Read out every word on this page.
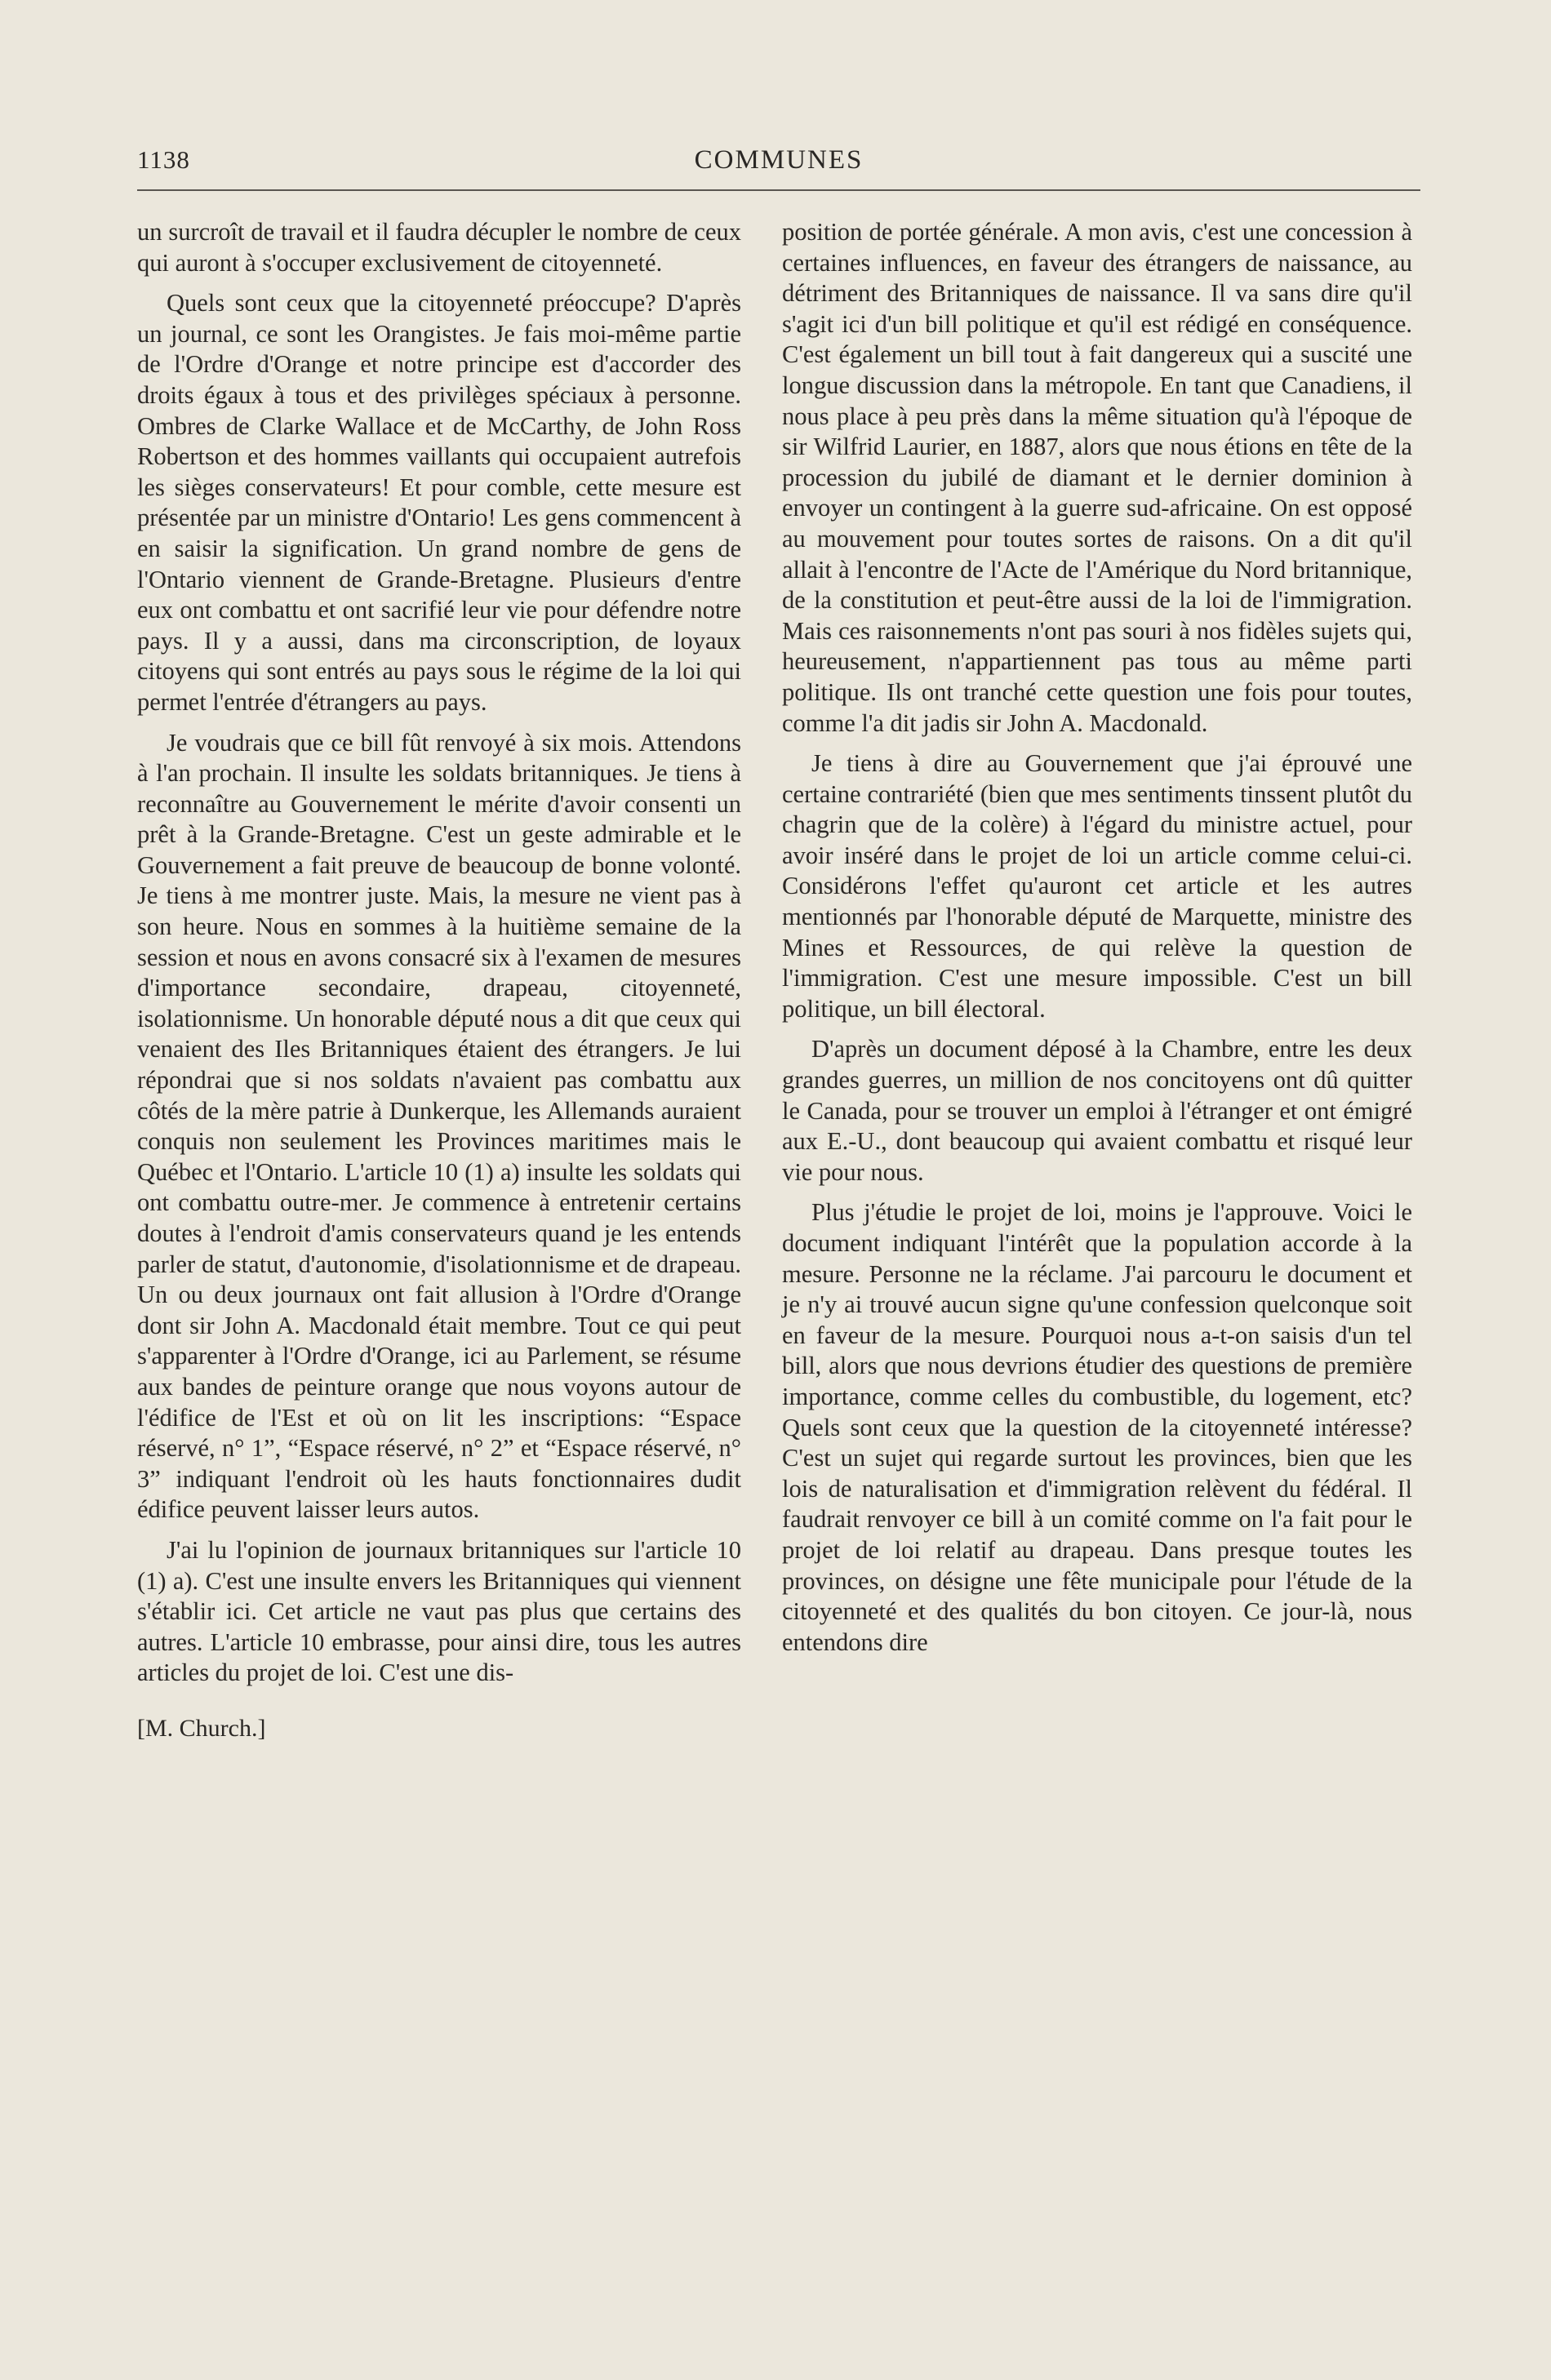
1138	COMMUNES

un surcroît de travail et il faudra décupler le nombre de ceux qui auront à s'occuper exclusivement de citoyenneté.

Quels sont ceux que la citoyenneté préoccupe? D'après un journal, ce sont les Orangistes. Je fais moi-même partie de l'Ordre d'Orange et notre principe est d'accorder des droits égaux à tous et des privilèges spéciaux à personne. Ombres de Clarke Wallace et de McCarthy, de John Ross Robertson et des hommes vaillants qui occupaient autrefois les sièges conservateurs! Et pour comble, cette mesure est présentée par un ministre d'Ontario! Les gens commencent à en saisir la signification. Un grand nombre de gens de l'Ontario viennent de Grande-Bretagne. Plusieurs d'entre eux ont combattu et ont sacrifié leur vie pour défendre notre pays. Il y a aussi, dans ma circonscription, de loyaux citoyens qui sont entrés au pays sous le régime de la loi qui permet l'entrée d'étrangers au pays.

Je voudrais que ce bill fût renvoyé à six mois. Attendons à l'an prochain. Il insulte les soldats britanniques. Je tiens à reconnaître au Gouvernement le mérite d'avoir consenti un prêt à la Grande-Bretagne. C'est un geste admirable et le Gouvernement a fait preuve de beaucoup de bonne volonté. Je tiens à me montrer juste. Mais, la mesure ne vient pas à son heure. Nous en sommes à la huitième semaine de la session et nous en avons consacré six à l'examen de mesures d'importance secondaire, drapeau, citoyenneté, isolationnisme. Un honorable député nous a dit que ceux qui venaient des Iles Britanniques étaient des étrangers. Je lui répondrai que si nos soldats n'avaient pas combattu aux côtés de la mère patrie à Dunkerque, les Allemands auraient conquis non seulement les Provinces maritimes mais le Québec et l'Ontario. L'article 10 (1) a) insulte les soldats qui ont combattu outre-mer. Je commence à entretenir certains doutes à l'endroit d'amis conservateurs quand je les entends parler de statut, d'autonomie, d'isolationnisme et de drapeau. Un ou deux journaux ont fait allusion à l'Ordre d'Orange dont sir John A. Macdonald était membre. Tout ce qui peut s'apparenter à l'Ordre d'Orange, ici au Parlement, se résume aux bandes de peinture orange que nous voyons autour de l'édifice de l'Est et où on lit les inscriptions: “Espace réservé, n° 1”, “Espace réservé, n° 2” et “Espace réservé, n° 3” indiquant l'endroit où les hauts fonctionnaires dudit édifice peuvent laisser leurs autos.

J'ai lu l'opinion de journaux britanniques sur l'article 10 (1) a). C'est une insulte envers les Britanniques qui viennent s'établir ici. Cet article ne vaut pas plus que certains des autres. L'article 10 embrasse, pour ainsi dire, tous les autres articles du projet de loi. C'est une dis-

[M. Church.]

position de portée générale. A mon avis, c'est une concession à certaines influences, en faveur des étrangers de naissance, au détriment des Britanniques de naissance. Il va sans dire qu'il s'agit ici d'un bill politique et qu'il est rédigé en conséquence. C'est également un bill tout à fait dangereux qui a suscité une longue discussion dans la métropole. En tant que Canadiens, il nous place à peu près dans la même situation qu'à l'époque de sir Wilfrid Laurier, en 1887, alors que nous étions en tête de la procession du jubilé de diamant et le dernier dominion à envoyer un contingent à la guerre sud-africaine. On est opposé au mouvement pour toutes sortes de raisons. On a dit qu'il allait à l'encontre de l'Acte de l'Amérique du Nord britannique, de la constitution et peut-être aussi de la loi de l'immigration. Mais ces raisonnements n'ont pas souri à nos fidèles sujets qui, heureusement, n'appartiennent pas tous au même parti politique. Ils ont tranché cette question une fois pour toutes, comme l'a dit jadis sir John A. Macdonald.

Je tiens à dire au Gouvernement que j'ai éprouvé une certaine contrariété (bien que mes sentiments tinssent plutôt du chagrin que de la colère) à l'égard du ministre actuel, pour avoir inséré dans le projet de loi un article comme celui-ci. Considérons l'effet qu'auront cet article et les autres mentionnés par l'honorable député de Marquette, ministre des Mines et Ressources, de qui relève la question de l'immigration. C'est une mesure impossible. C'est un bill politique, un bill électoral.

D'après un document déposé à la Chambre, entre les deux grandes guerres, un million de nos concitoyens ont dû quitter le Canada, pour se trouver un emploi à l'étranger et ont émigré aux E.-U., dont beaucoup qui avaient combattu et risqué leur vie pour nous.

Plus j'étudie le projet de loi, moins je l'approuve. Voici le document indiquant l'intérêt que la population accorde à la mesure. Personne ne la réclame. J'ai parcouru le document et je n'y ai trouvé aucun signe qu'une confession quelconque soit en faveur de la mesure. Pourquoi nous a-t-on saisis d'un tel bill, alors que nous devrions étudier des questions de première importance, comme celles du combustible, du logement, etc? Quels sont ceux que la question de la citoyenneté intéresse? C'est un sujet qui regarde surtout les provinces, bien que les lois de naturalisation et d'immigration relèvent du fédéral. Il faudrait renvoyer ce bill à un comité comme on l'a fait pour le projet de loi relatif au drapeau. Dans presque toutes les provinces, on désigne une fête municipale pour l'étude de la citoyenneté et des qualités du bon citoyen. Ce jour-là, nous entendons dire
